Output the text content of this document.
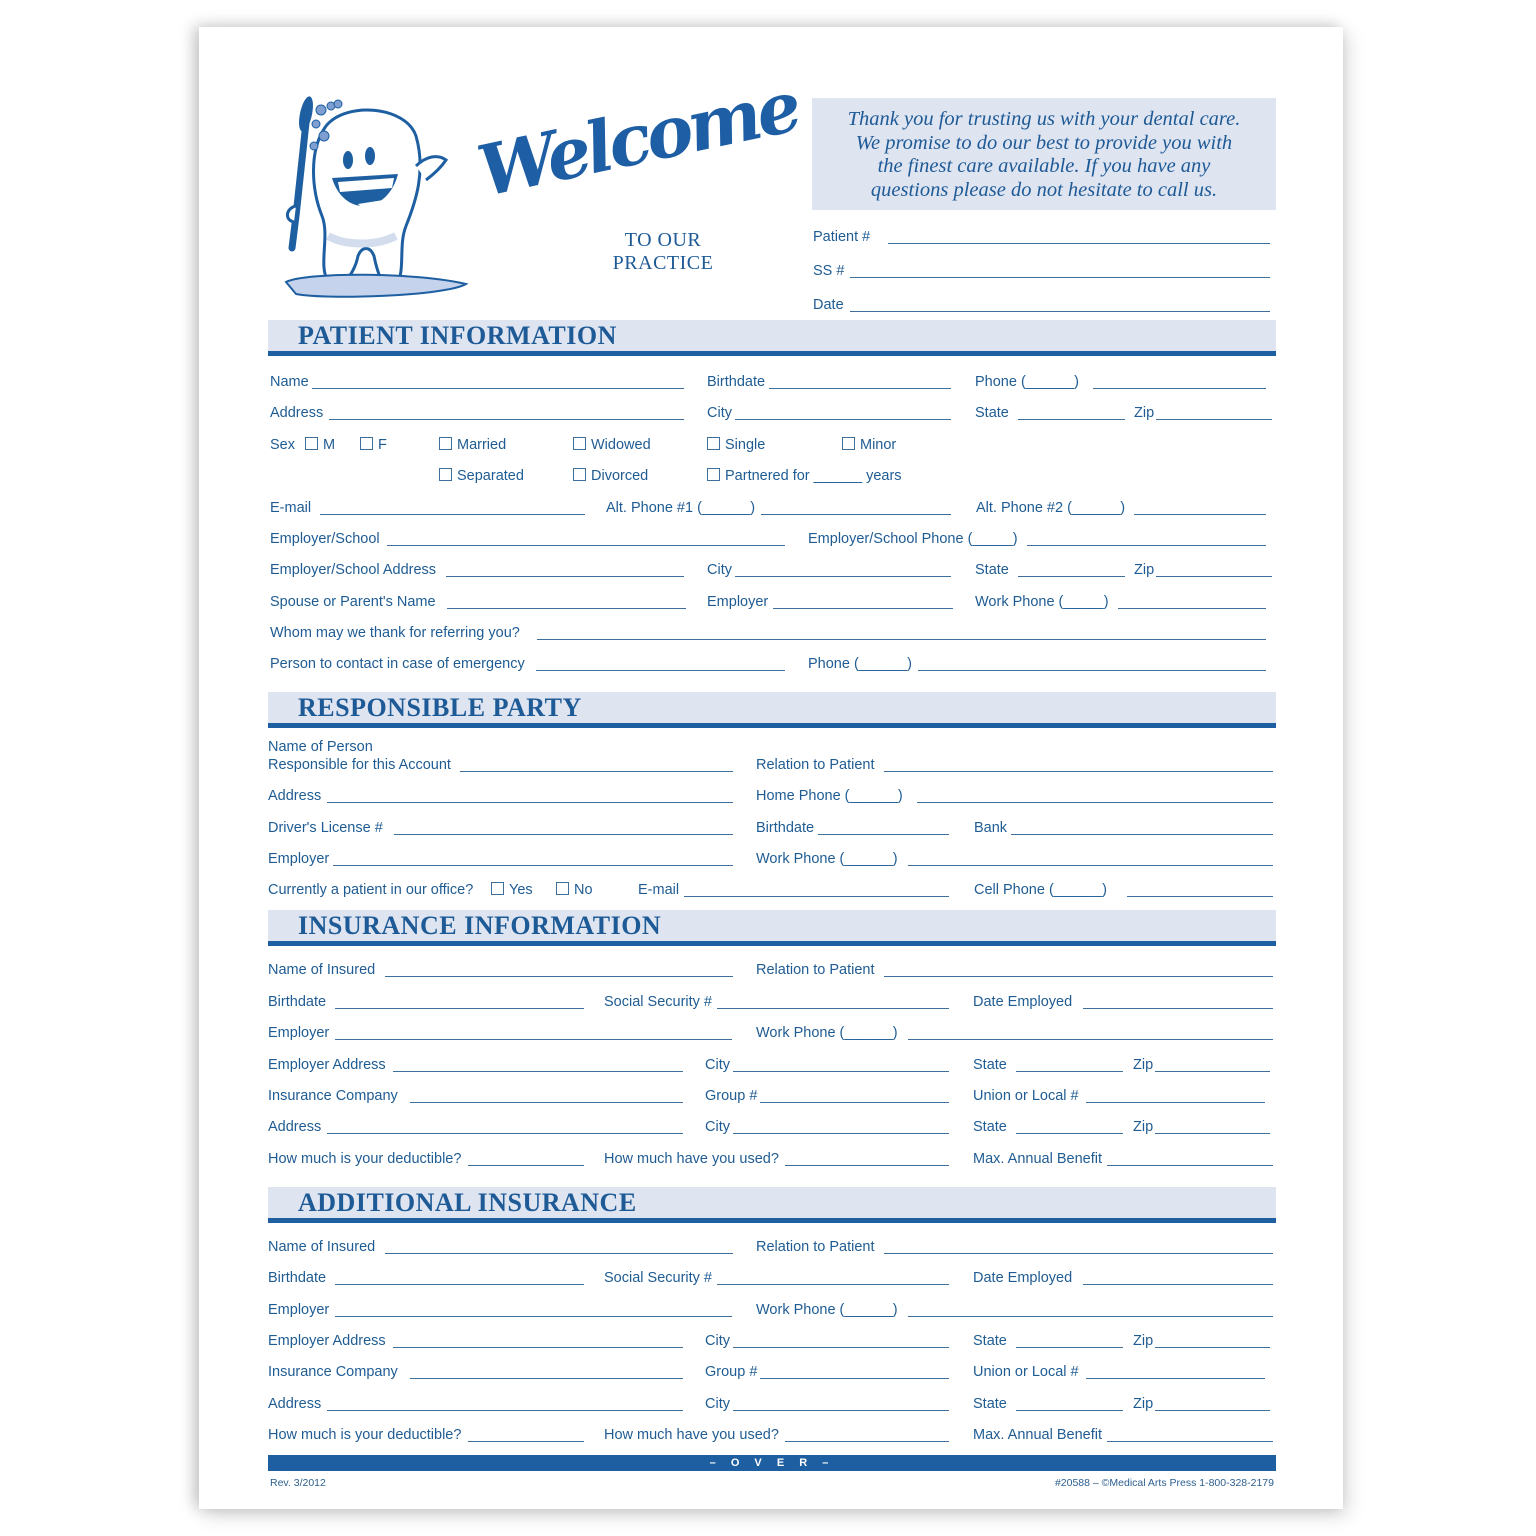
Welcome
TO OUR
PRACTICE
Thank you for trusting us with your dental care.
We promise to do our best to provide you with
the finest care available. If you have any
questions please do not hesitate to call us.
Patient #
SS #
Date
PATIENT INFORMATION
Name	Birthdate	Phone (______)
Address	City	State	Zip
Sex	M	F	Married	Widowed	Single	Minor
Separated	Divorced	Partnered for ______ years
E-mail	Alt. Phone #1 (______)	Alt. Phone #2 (______)
Employer/School	Employer/School Phone (_____)
Employer/School Address	City	State	Zip
Spouse or Parent's Name	Employer	Work Phone (_____)
Whom may we thank for referring you?
Person to contact in case of emergency	Phone (______)
RESPONSIBLE PARTY
Name of Person
Responsible for this Account	Relation to Patient
Address	Home Phone (______)
Driver's License #	Birthdate	Bank
Employer	Work Phone (______)
Currently a patient in our office?	Yes	No	E-mail	Cell Phone (______)
INSURANCE INFORMATION
Name of Insured	Relation to Patient
Birthdate	Social Security #	Date Employed
Employer	Work Phone (______)
Employer Address	City	State	Zip
Insurance Company	Group #	Union or Local #
Address	City	State	Zip
How much is your deductible?	How much have you used?	Max. Annual Benefit
ADDITIONAL INSURANCE
Name of Insured	Relation to Patient
Birthdate	Social Security #	Date Employed
Employer	Work Phone (______)
Employer Address	City	State	Zip
Insurance Company	Group #	Union or Local #
Address	City	State	Zip
How much is your deductible?	How much have you used?	Max. Annual Benefit
– O V E R –
Rev. 3/2012	#20588 – ©Medical Arts Press 1-800-328-2179
